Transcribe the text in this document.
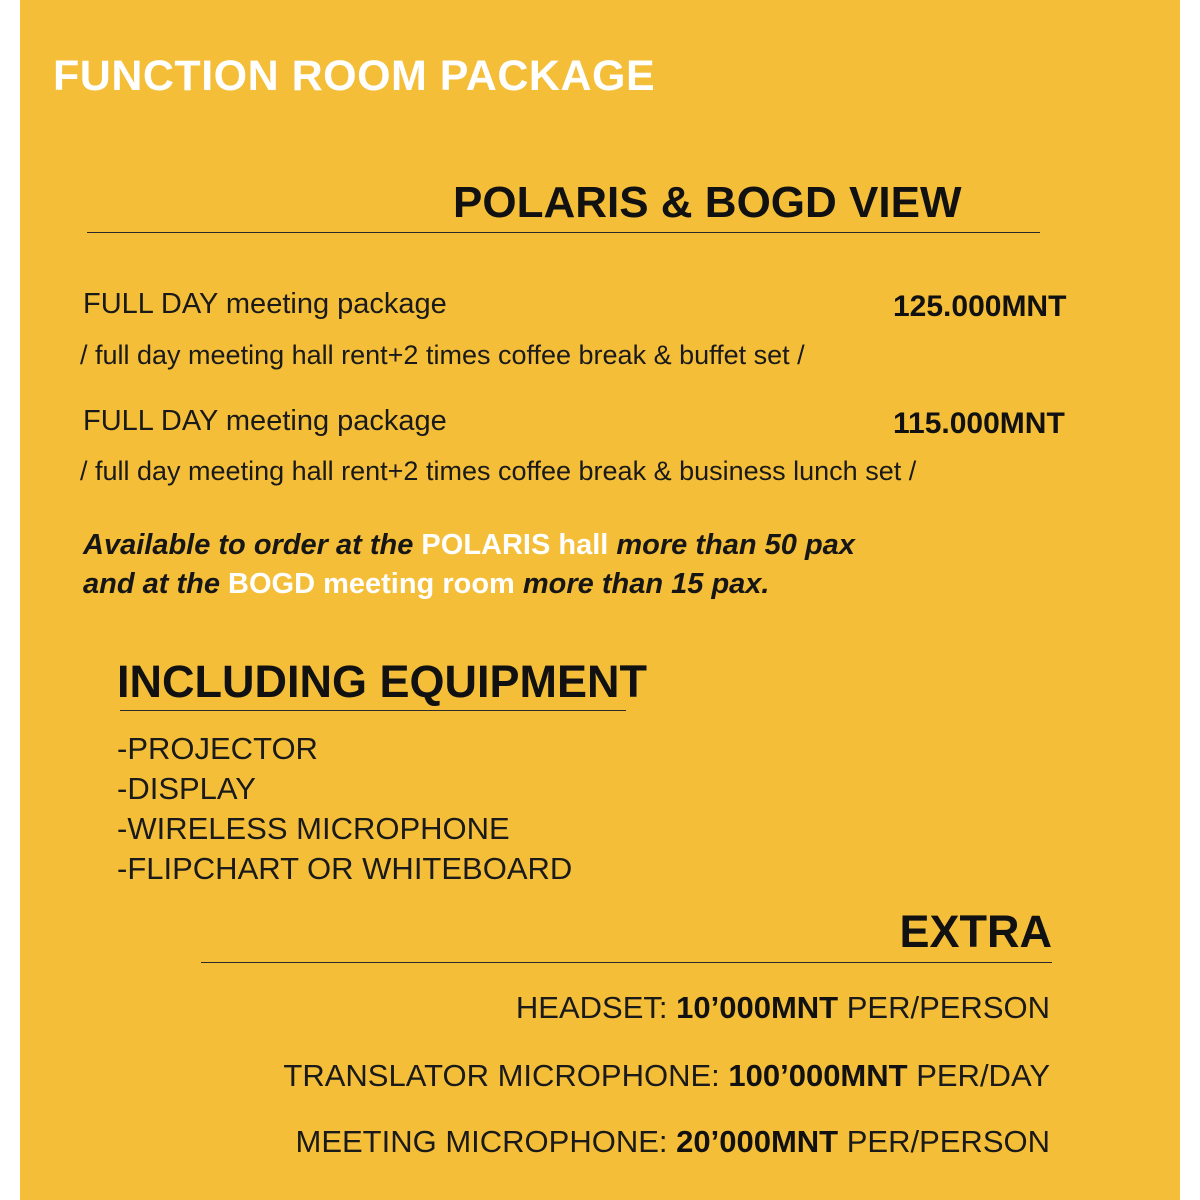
FUNCTION ROOM PACKAGE
POLARIS & BOGD VIEW
FULL DAY meeting package	125.000MNT
/ full day meeting hall rent+2 times coffee break & buffet set /
FULL DAY meeting package	115.000MNT
/ full day meeting hall rent+2 times coffee break & business lunch set /
Available to order at the POLARIS hall more than 50 pax
and at the BOGD meeting room more than 15 pax.
INCLUDING EQUIPMENT
-PROJECTOR
-DISPLAY
-WIRELESS MICROPHONE
-FLIPCHART OR WHITEBOARD
EXTRA
HEADSET: 10’000MNT PER/PERSON
TRANSLATOR MICROPHONE: 100’000MNT PER/DAY
MEETING MICROPHONE: 20’000MNT PER/PERSON
